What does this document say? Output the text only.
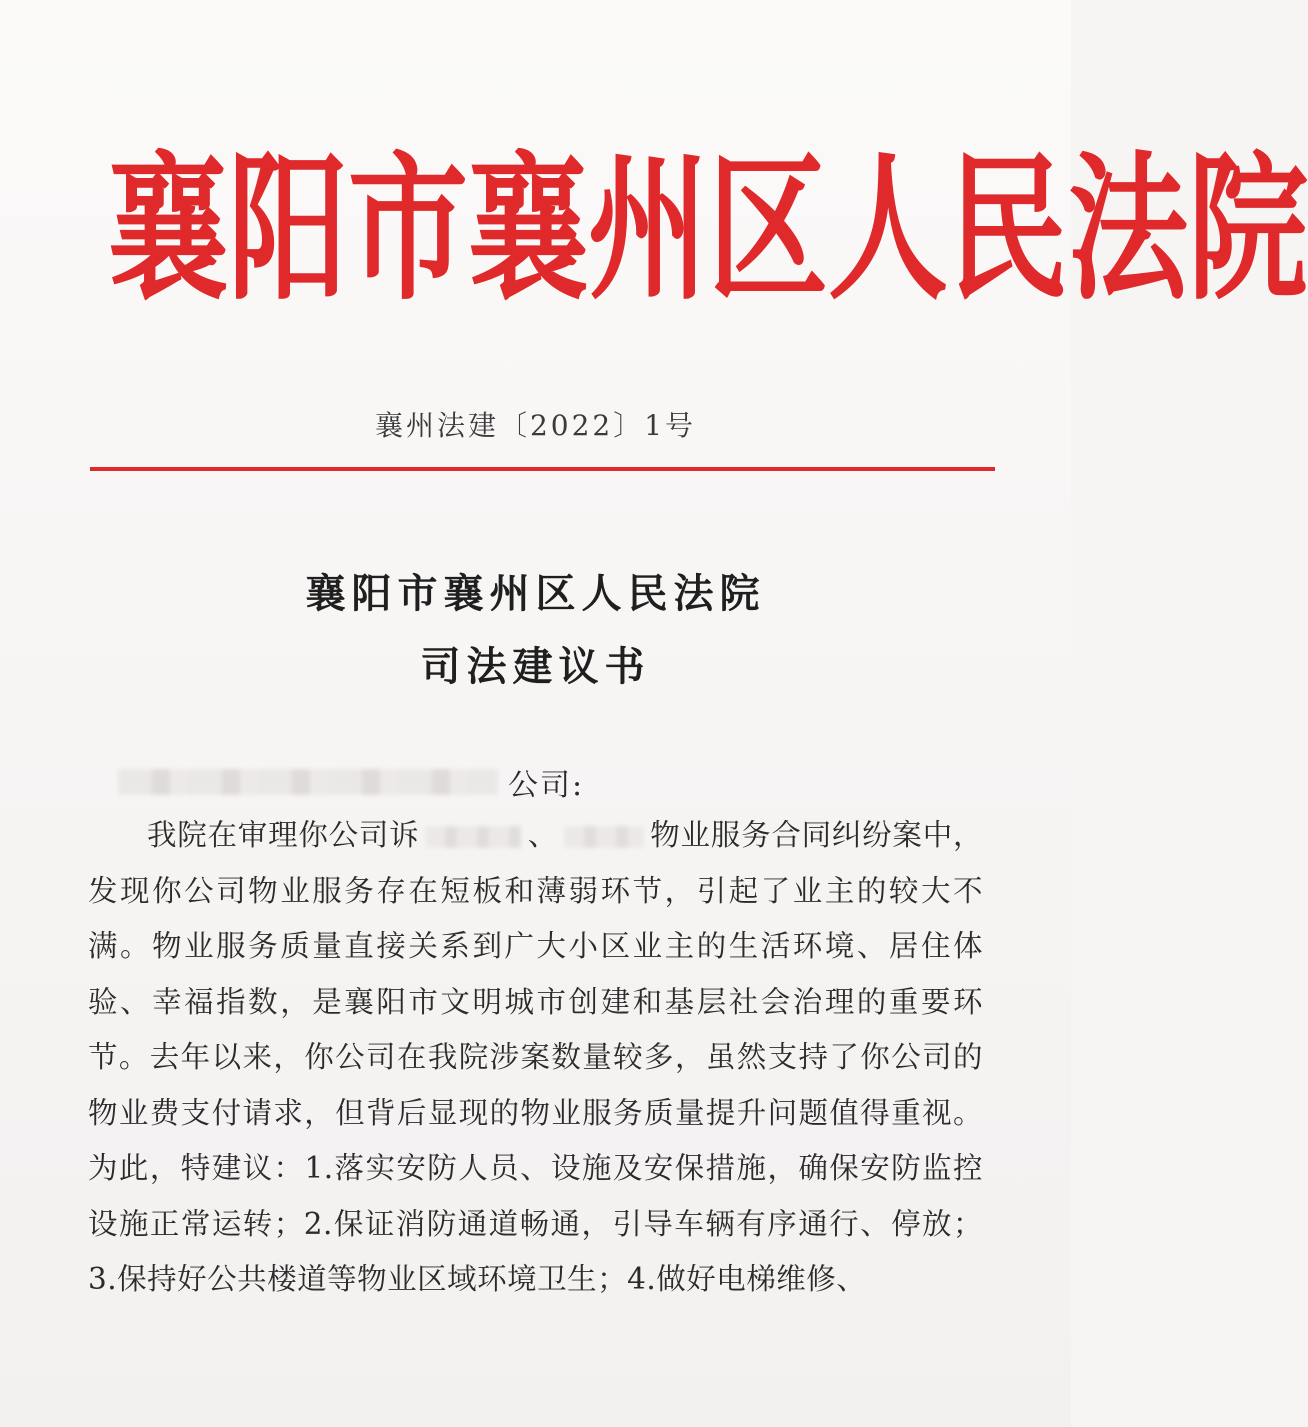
襄 阳 市 襄 州 区 人 民 法 院
襄州法建〔2022〕1号
襄阳市襄州区人民法院
司法建议书
公司:

我院在审理你公司诉	、	物业服务合同纠纷案中，发现你公司物业服务存在短板和薄弱环节，引起了业主的较大不满。物业服务质量直接关系到广大小区业主的生活环境、居住体验、幸福指数，是襄阳市文明城市创建和基层社会治理的重要环节。去年以来，你公司在我院涉案数量较多，虽然支持了你公司的物业费支付请求，但背后显现的物业服务质量提升问题值得重视。为此，特建议：1.落实安防人员、设施及安保措施，确保安防监控设施正常运转；2.保证消防通道畅通，引导车辆有序通行、停放；3.保持好公共楼道等物业区域环境卫生；4.做好电梯维修、
